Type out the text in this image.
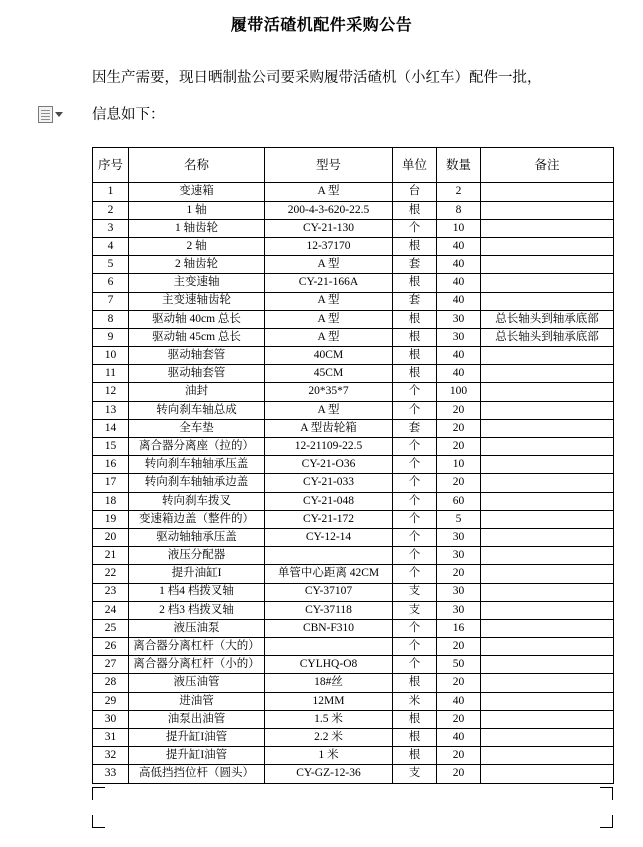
履带活碴机配件采购公告

因生产需要，现日晒制盐公司要采购履带活碴机（小红车）配件一批，

信息如下：

序号	名称	型号	单位	数量	备注
1	变速箱	A 型	台	2	
2	1 轴	200-4-3-620-22.5	根	8	
3	1 轴齿轮	CY-21-130	个	10	
4	2 轴	12-37170	根	40	
5	2 轴齿轮	A 型	套	40	
6	主变速轴	CY-21-166A	根	40	
7	主变速轴齿轮	A 型	套	40	
8	驱动轴 40cm 总长	A 型	根	30	总长轴头到轴承底部
9	驱动轴 45cm 总长	A 型	根	30	总长轴头到轴承底部
10	驱动轴套管	40CM	根	40	
11	驱动轴套管	45CM	根	40	
12	油封	20*35*7	个	100	
13	转向刹车轴总成	A 型	个	20	
14	全车垫	A 型齿轮箱	套	20	
15	离合器分离座（拉的）	12-21109-22.5	个	20	
16	转向刹车轴轴承压盖	CY-21-O36	个	10	
17	转向刹车轴轴承边盖	CY-21-033	个	20	
18	转向刹车拨叉	CY-21-048	个	60	
19	变速箱边盖（整件的）	CY-21-172	个	5	
20	驱动轴轴承压盖	CY-12-14	个	30	
21	液压分配器		个	30	
22	提升油缸I	单管中心距离 42CM	个	20	
23	1 档4 档拨叉轴	CY-37107	支	30	
24	2 档3 档拨叉轴	CY-37118	支	30	
25	液压油泵	CBN-F310	个	16	
26	离合器分离杠杆（大的）		个	20	
27	离合器分离杠杆（小的）	CYLHQ-O8	个	50	
28	液压油管	18#丝	根	20	
29	进油管	12MM	米	40	
30	油泵出油管	1.5 米	根	20	
31	提升缸I油管	2.2 米	根	40	
32	提升缸I油管	1 米	根	20	
33	高低挡挡位杆（圆头）	CY-GZ-12-36	支	20	
